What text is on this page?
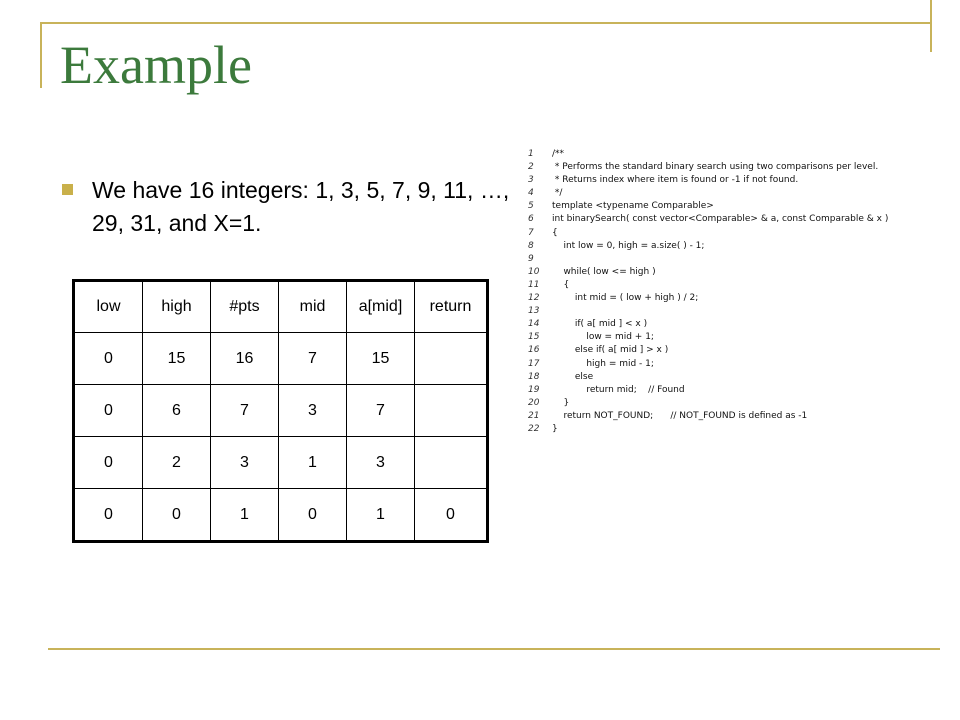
Example
We have 16 integers: 1, 3, 5, 7, 9, 11, …, 29, 31, and X=1.
low	high	#pts	mid	a[mid]	return
0	15	16	7	15	
0	6	7	3	7	
0	2	3	1	3	
0	0	1	0	1	0
1	/**
2	* Performs the standard binary search using two comparisons per level.
3	* Returns index where item is found or -1 if not found.
4	*/
5	template <typename Comparable>
6	int binarySearch( const vector<Comparable> & a, const Comparable & x )
7	{
8	int low = 0, high = a.size( ) - 1;
9
10	while( low <= high )
11	{
12	int mid = ( low + high ) / 2;
13
14	if( a[ mid ] < x )
15	low = mid + 1;
16	else if( a[ mid ] > x )
17	high = mid - 1;
18	else
19	return mid;    // Found
20	}
21	return NOT_FOUND;      // NOT_FOUND is defined as -1
22	}
